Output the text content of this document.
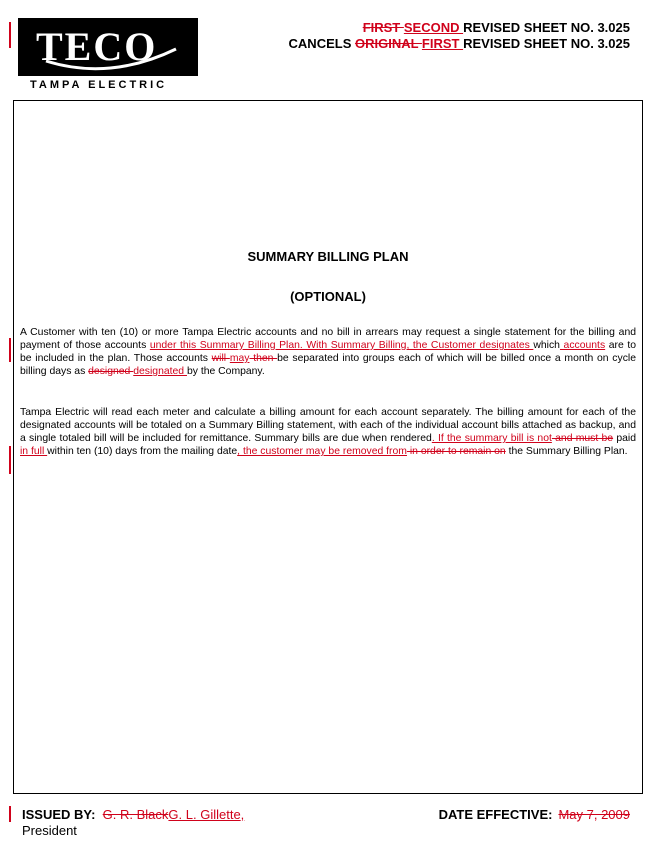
TECO
TAMPA ELECTRIC
FIRST SECOND REVISED SHEET NO. 3.025
CANCELS ORIGINAL FIRST REVISED SHEET NO. 3.025
SUMMARY BILLING PLAN
(OPTIONAL)
A Customer with ten (10) or more Tampa Electric accounts and no bill in arrears may request a single statement for the billing and payment of those accounts under this Summary Billing Plan. With Summary Billing, the Customer designates which accounts are to be included in the plan. Those accounts will may then be separated into groups each of which will be billed once a month on cycle billing days as designed designated by the Company.
Tampa Electric will read each meter and calculate a billing amount for each account separately. The billing amount for each of the designated accounts will be totaled on a Summary Billing statement, with each of the individual account bills attached as backup, and a single totaled bill will be included for remittance. Summary bills are due when rendered. If the summary bill is not and must be paid in full within ten (10) days from the mailing date, the customer may be removed from in order to remain on the Summary Billing Plan.
ISSUED BY: G. R. BlackG. L. Gillette,
President
DATE EFFECTIVE: May 7, 2009
